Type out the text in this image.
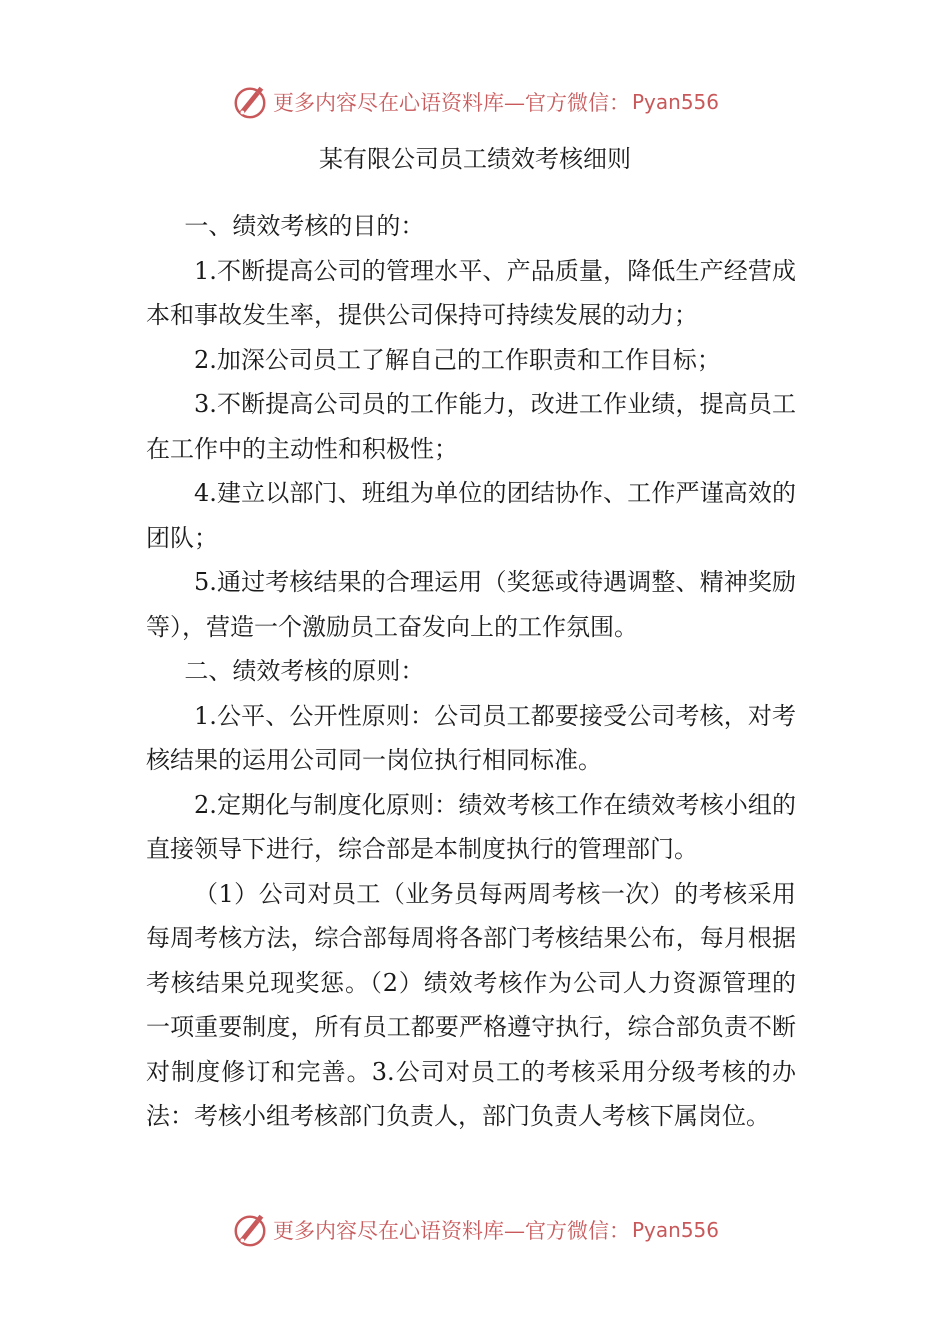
更多内容尽在心语资料库—官方微信： Pyan556
某有限公司员工绩效考核细则

一、绩效考核的目的：

1.不断提高公司的管理水平、产品质量，降低生产经营成本和事故发生率，提供公司保持可持续发展的动力；

2.加深公司员工了解自己的工作职责和工作目标；

3.不断提高公司员的工作能力，改进工作业绩，提高员工在工作中的主动性和积极性；

4.建立以部门、班组为单位的团结协作、工作严谨高效的团队；

5.通过考核结果的合理运用（奖惩或待遇调整、精神奖励等），营造一个激励员工奋发向上的工作氛围。

二、绩效考核的原则：

1.公平、公开性原则：公司员工都要接受公司考核，对考核结果的运用公司同一岗位执行相同标准。

2.定期化与制度化原则：绩效考核工作在绩效考核小组的直接领导下进行，综合部是本制度执行的管理部门。

（1）公司对员工（业务员每两周考核一次）的考核采用每周考核方法，综合部每周将各部门考核结果公布，每月根据考核结果兑现奖惩。（2）绩效考核作为公司人力资源管理的一项重要制度，所有员工都要严格遵守执行，综合部负责不断对制度修订和完善。3.公司对员工的考核采用分级考核的办法：考核小组考核部门负责人，部门负责人考核下属岗位。

更多内容尽在心语资料库—官方微信： Pyan556
